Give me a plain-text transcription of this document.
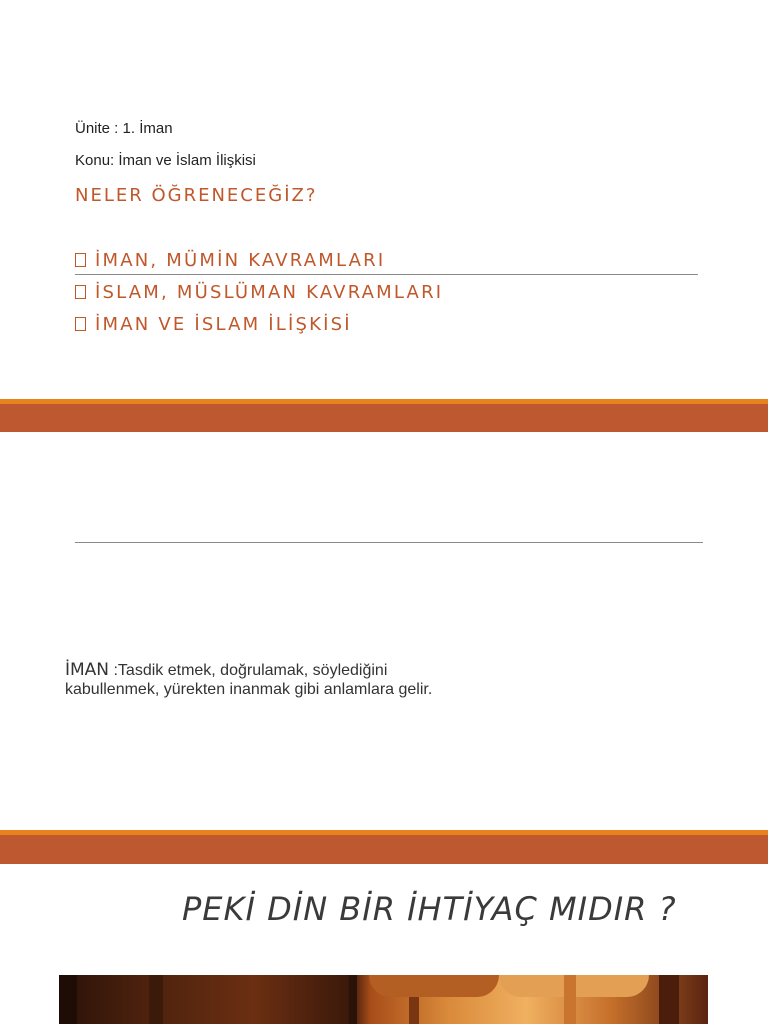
Ünite : 1. İman
Konu: İman ve İslam İlişkisi
NELER ÖĞRENECEĞİZ?
İMAN, MÜMİN KAVRAMLARI
İSLAM, MÜSLÜMAN KAVRAMLARI
İMAN VE İSLAM İLİŞKİSİ
İMAN :Tasdik etmek, doğrulamak, söylediğini
kabullenmek, yürekten inanmak gibi anlamlara gelir.
PEKİ DİN BİR İHTİYAÇ MIDIR ?
